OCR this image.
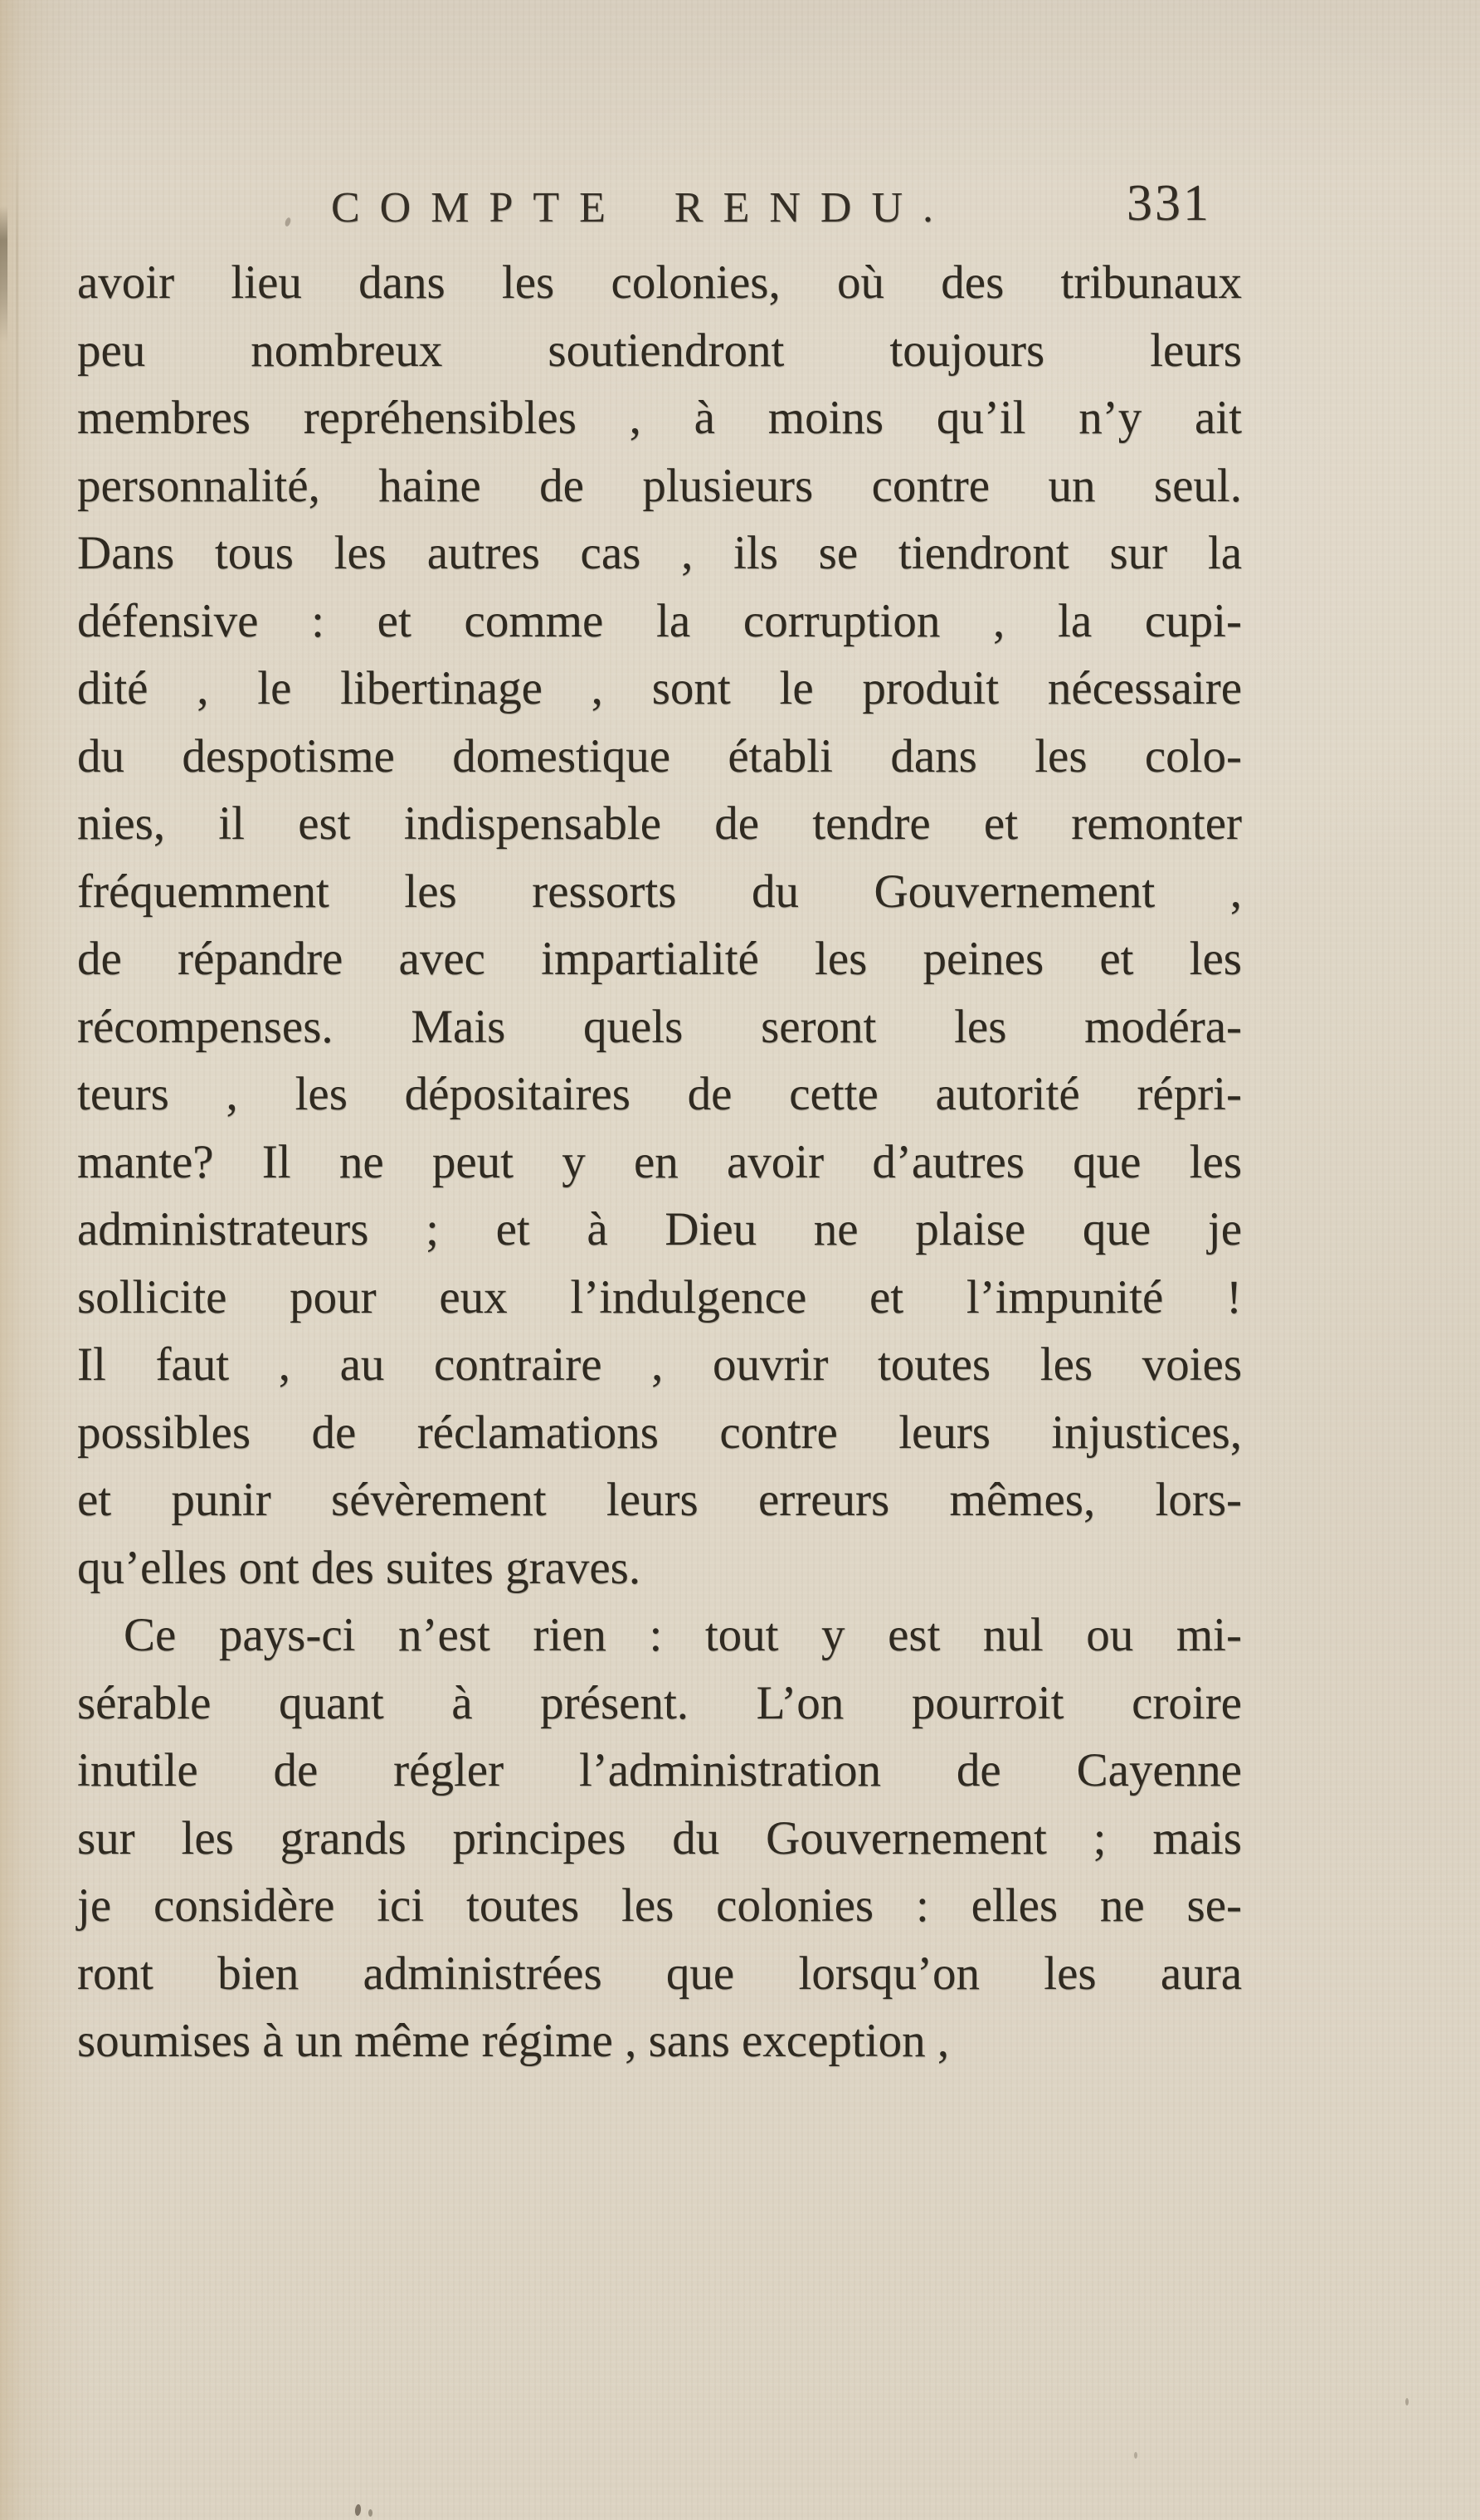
COMPTE RENDU.	331
avoir lieu dans les colonies, où des tribunaux
peu nombreux soutiendront toujours leurs
membres repréhensibles , à moins qu’il n’y ait
personnalité, haine de plusieurs contre un seul.
Dans tous les autres cas , ils se tiendront sur la
défensive : et comme la corruption , la cupi-
dité , le libertinage , sont le produit nécessaire
du despotisme domestique établi dans les colo-
nies, il est indispensable de tendre et remonter
fréquemment les ressorts du Gouvernement ,
de répandre avec impartialité les peines et les
récompenses. Mais quels seront les modéra-
teurs , les dépositaires de cette autorité répri-
mante? Il ne peut y en avoir d’autres que les
administrateurs ; et à Dieu ne plaise que je
sollicite pour eux l’indulgence et l’impunité !
Il faut , au contraire , ouvrir toutes les voies
possibles de réclamations contre leurs injustices,
et punir sévèrement leurs erreurs mêmes, lors-
qu’elles ont des suites graves.
Ce pays-ci n’est rien : tout y est nul ou mi-
sérable quant à présent. L’on pourroit croire
inutile de régler l’administration de Cayenne
sur les grands principes du Gouvernement ; mais
je considère ici toutes les colonies : elles ne se-
ront bien administrées que lorsqu’on les aura
soumises à un même régime , sans exception ,
